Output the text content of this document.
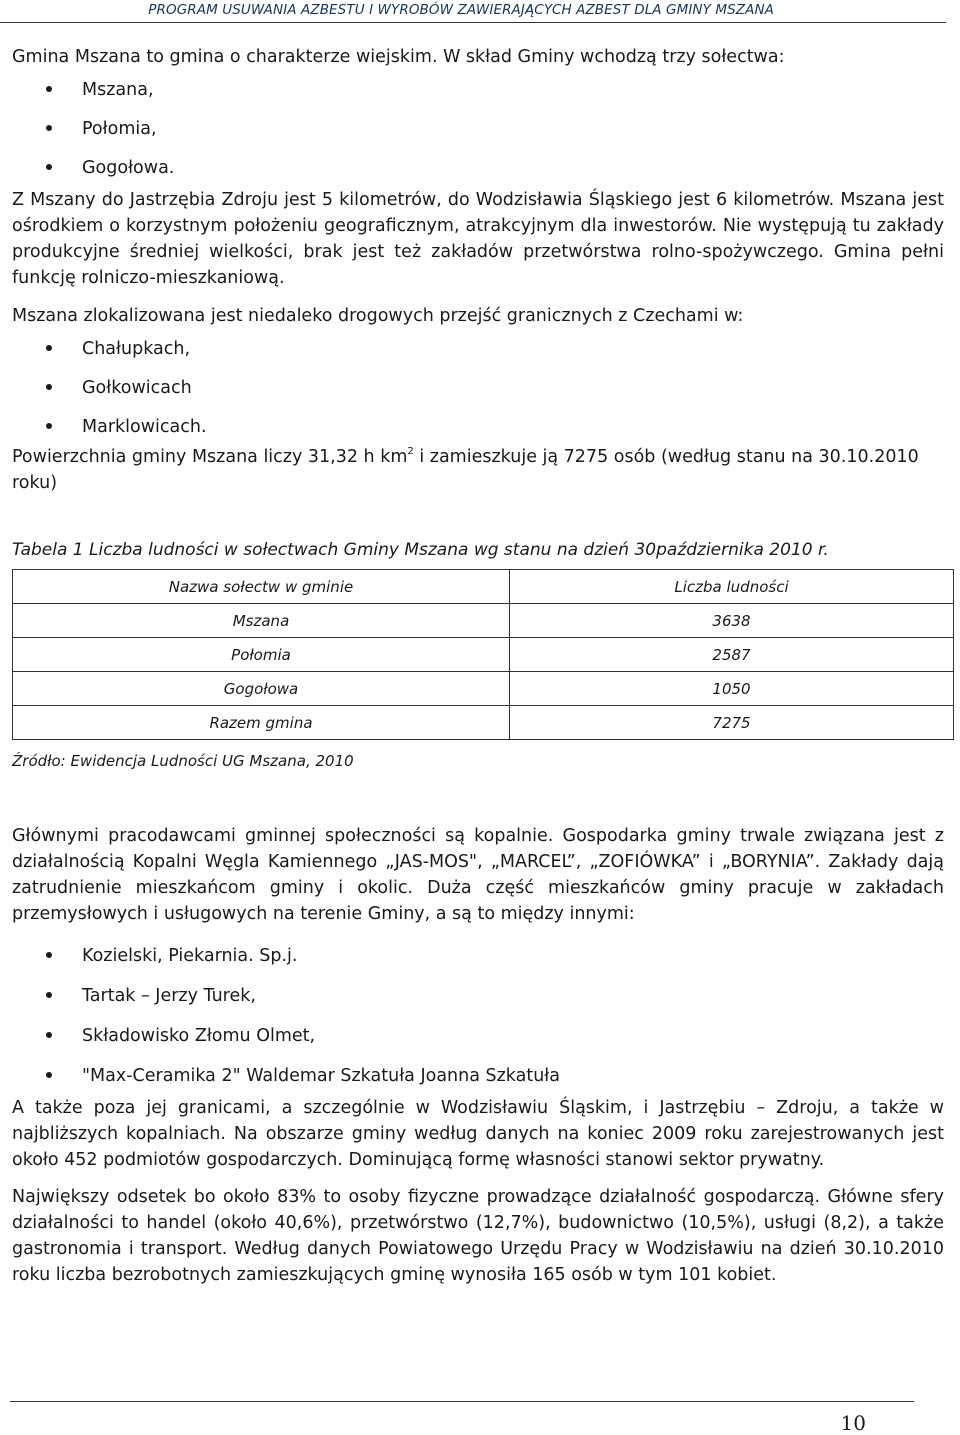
PROGRAM USUWANIA AZBESTU I WYROBÓW ZAWIERAJĄCYCH AZBEST DLA GMINY MSZANA

Gmina Mszana to gmina o charakterze wiejskim. W skład Gminy wchodzą trzy sołectwa:

Mszana,
Połomia,
Gogołowa.

Z Mszany do Jastrzębia Zdroju jest 5 kilometrów, do Wodzisławia Śląskiego jest 6 kilometrów. Mszana jest ośrodkiem o korzystnym położeniu geograficznym, atrakcyjnym dla inwestorów. Nie występują tu zakłady produkcyjne średniej wielkości, brak jest też zakładów przetwórstwa rolno-spożywczego. Gmina pełni funkcję rolniczo-mieszkaniową.

Mszana zlokalizowana jest niedaleko drogowych przejść granicznych z Czechami w:

Chałupkach,
Gołkowicach
Marklowicach.

Powierzchnia gminy Mszana liczy 31,32 h $km^2$ i zamieszkuje ją 7275 osób (według stanu na 30.10.2010 roku)

Tabela 1 Liczba ludności w sołectwach Gminy Mszana wg stanu na dzień 30października 2010 r.

Nazwa sołectw w gminie	Liczba ludności
Mszana	3638
Połomia	2587
Gogołowa	1050
Razem gmina	7275

Źródło: Ewidencja Ludności UG Mszana, 2010

Głównymi pracodawcami gminnej społeczności są kopalnie. Gospodarka gminy trwale związana jest z działalnością Kopalni Węgla Kamiennego „JAS-MOS", „MARCEL”, „ZOFIÓWKA” i „BORYNIA”. Zakłady dają zatrudnienie mieszkańcom gminy i okolic. Duża część mieszkańców gminy pracuje w zakładach przemysłowych i usługowych na terenie Gminy, a są to między innymi:

Kozielski, Piekarnia. Sp.j.
Tartak – Jerzy Turek,
Składowisko Złomu Olmet,
"Max-Ceramika 2" Waldemar Szkatuła Joanna Szkatuła

A także poza jej granicami, a szczególnie w Wodzisławiu Śląskim, i Jastrzębiu – Zdroju, a także w najbliższych kopalniach. Na obszarze gminy według danych na koniec 2009 roku zarejestrowanych jest około 452 podmiotów gospodarczych. Dominującą formę własności stanowi sektor prywatny.

Największy odsetek bo około 83% to osoby fizyczne prowadzące działalność gospodarczą. Główne sfery działalności to handel (około 40,6%), przetwórstwo (12,7%), budownictwo (10,5%), usługi (8,2), a także gastronomia i transport. Według danych Powiatowego Urzędu Pracy w Wodzisławiu na dzień 30.10.2010 roku liczba bezrobotnych zamieszkujących gminę wynosiła 165 osób w tym 101 kobiet.

10
